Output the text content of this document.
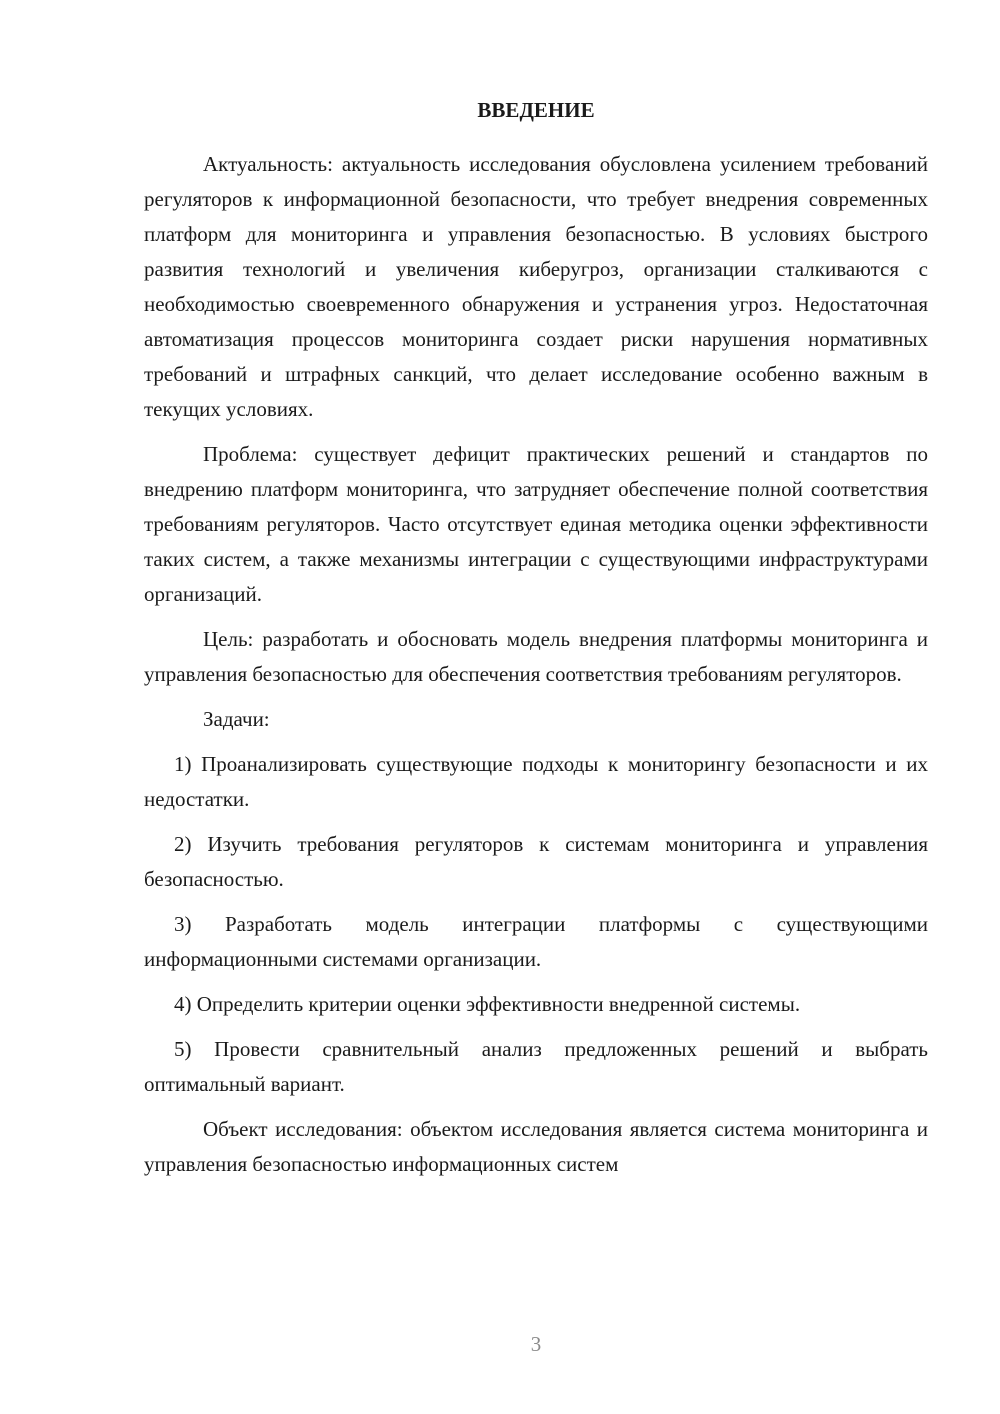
ВВЕДЕНИЕ

Актуальность: актуальность исследования обусловлена усилением требований регуляторов к информационной безопасности, что требует внедрения современных платформ для мониторинга и управления безопасностью. В условиях быстрого развития технологий и увеличения киберугроз, организации сталкиваются с необходимостью своевременного обнаружения и устранения угроз. Недостаточная автоматизация процессов мониторинга создает риски нарушения нормативных требований и штрафных санкций, что делает исследование особенно важным в текущих условиях.

Проблема: существует дефицит практических решений и стандартов по внедрению платформ мониторинга, что затрудняет обеспечение полной соответствия требованиям регуляторов. Часто отсутствует единая методика оценки эффективности таких систем, а также механизмы интеграции с существующими инфраструктурами организаций.

Цель: разработать и обосновать модель внедрения платформы мониторинга и управления безопасностью для обеспечения соответствия требованиям регуляторов.

Задачи:

1) Проанализировать существующие подходы к мониторингу безопасности и их недостатки.

2) Изучить требования регуляторов к системам мониторинга и управления безопасностью.

3) Разработать модель интеграции платформы с существующими информационными системами организации.

4) Определить критерии оценки эффективности внедренной системы.

5) Провести сравнительный анализ предложенных решений и выбрать оптимальный вариант.

Объект исследования: объектом исследования является система мониторинга и управления безопасностью информационных систем

3
